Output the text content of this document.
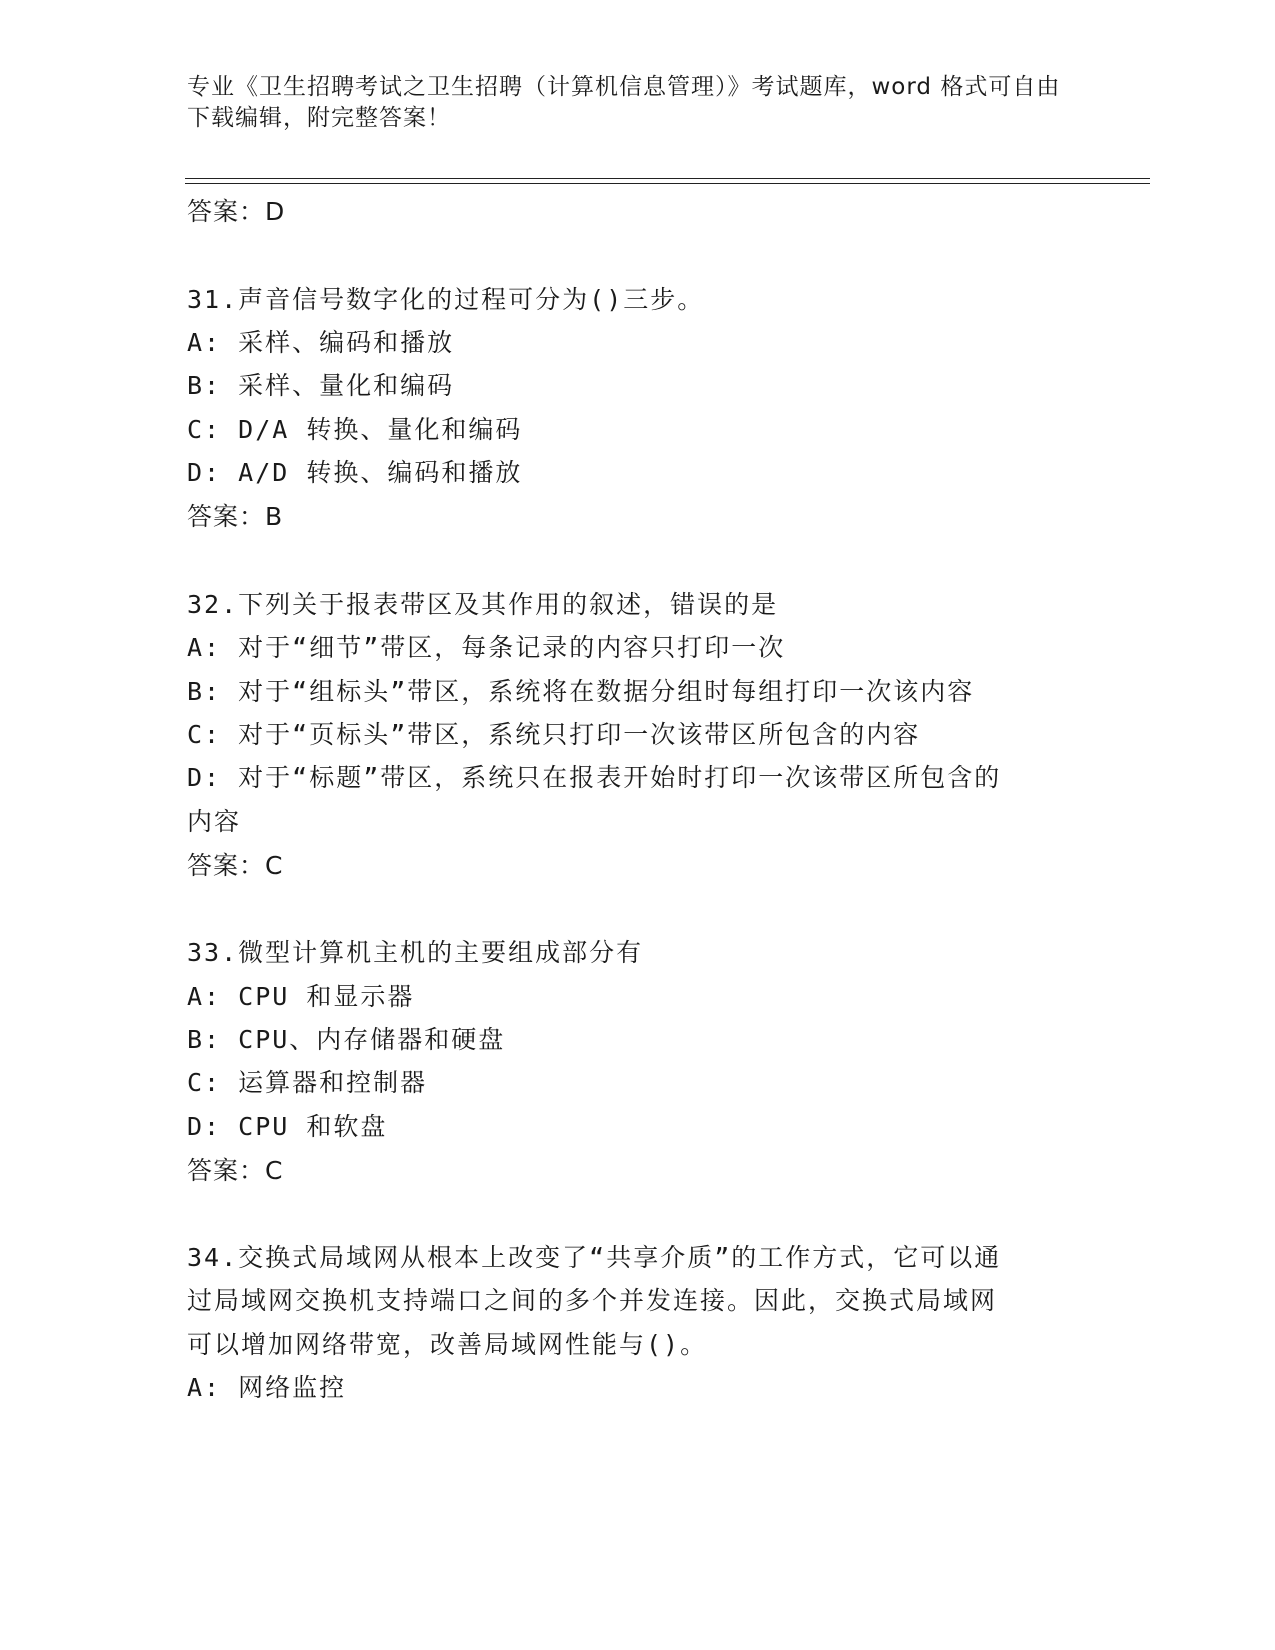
专业《卫生招聘考试之卫生招聘（计算机信息管理）》考试题库，word 格式可自由下载编辑，附完整答案！
答案：D
31.声音信号数字化的过程可分为()三步。
A: 采样、编码和播放
B: 采样、量化和编码
C: D/A 转换、量化和编码
D: A/D 转换、编码和播放
答案：B
32.下列关于报表带区及其作用的叙述，错误的是
A: 对于“细节”带区，每条记录的内容只打印一次
B: 对于“组标头”带区，系统将在数据分组时每组打印一次该内容
C: 对于“页标头”带区，系统只打印一次该带区所包含的内容
D: 对于“标题”带区，系统只在报表开始时打印一次该带区所包含的
内容
答案：C
33.微型计算机主机的主要组成部分有
A: CPU 和显示器
B: CPU、内存储器和硬盘
C: 运算器和控制器
D: CPU 和软盘
答案：C
34.交换式局域网从根本上改变了“共享介质”的工作方式，它可以通
过局域网交换机支持端口之间的多个并发连接。因此，交换式局域网
可以增加网络带宽，改善局域网性能与()。
A: 网络监控
